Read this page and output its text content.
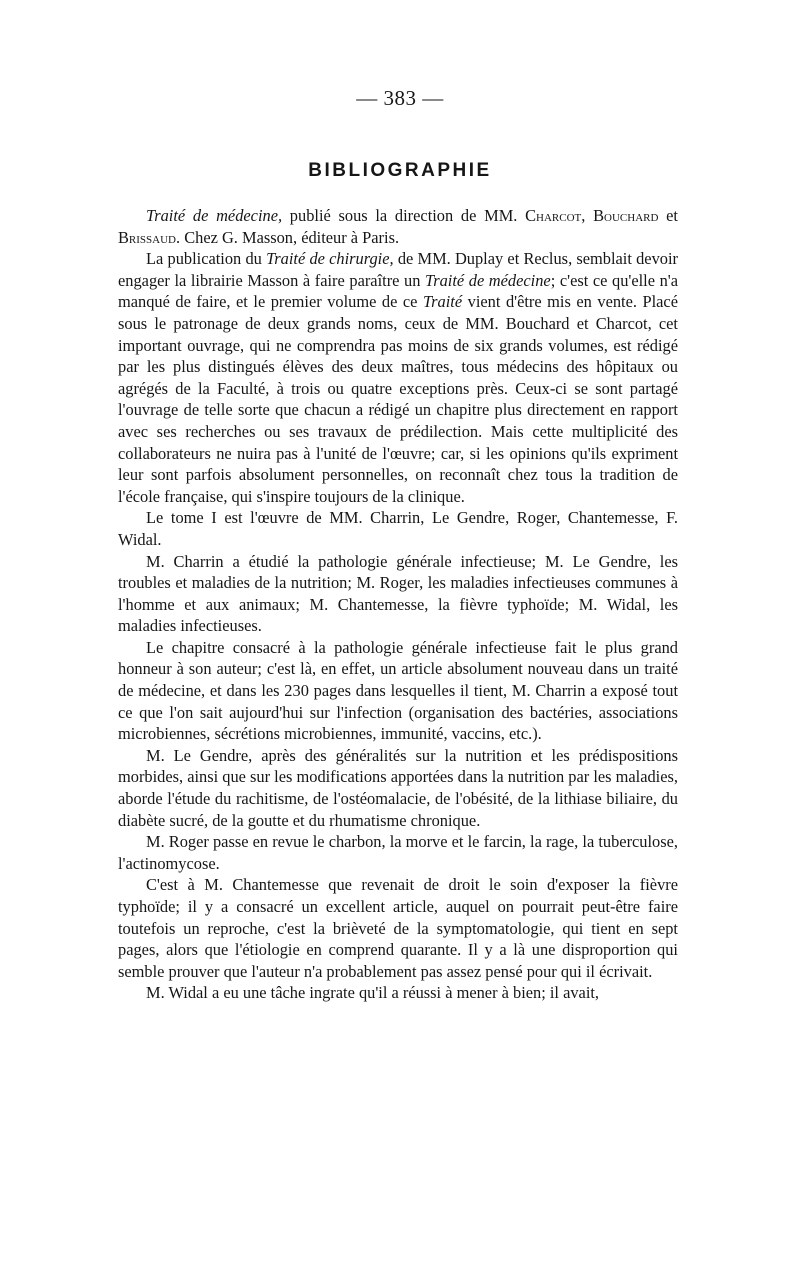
— 383 —
BIBLIOGRAPHIE

Traité de médecine, publié sous la direction de MM. Charcot, Bouchard et Brissaud. Chez G. Masson, éditeur à Paris.

La publication du Traité de chirurgie, de MM. Duplay et Reclus, semblait devoir engager la librairie Masson à faire paraître un Traité de médecine; c'est ce qu'elle n'a manqué de faire, et le premier volume de ce Traité vient d'être mis en vente. Placé sous le patronage de deux grands noms, ceux de MM. Bouchard et Charcot, cet important ouvrage, qui ne comprendra pas moins de six grands volumes, est rédigé par les plus distingués élèves des deux maîtres, tous médecins des hôpitaux ou agrégés de la Faculté, à trois ou quatre exceptions près. Ceux-ci se sont partagé l'ouvrage de telle sorte que chacun a rédigé un chapitre plus directement en rapport avec ses recherches ou ses travaux de prédilection. Mais cette multiplicité des collaborateurs ne nuira pas à l'unité de l'œuvre; car, si les opinions qu'ils expriment leur sont parfois absolument personnelles, on reconnaît chez tous la tradition de l'école française, qui s'inspire toujours de la clinique.

Le tome I est l'œuvre de MM. Charrin, Le Gendre, Roger, Chantemesse, F. Widal.

M. Charrin a étudié la pathologie générale infectieuse; M. Le Gendre, les troubles et maladies de la nutrition; M. Roger, les maladies infectieuses communes à l'homme et aux animaux; M. Chantemesse, la fièvre typhoïde; M. Widal, les maladies infectieuses.

Le chapitre consacré à la pathologie générale infectieuse fait le plus grand honneur à son auteur; c'est là, en effet, un article absolument nouveau dans un traité de médecine, et dans les 230 pages dans lesquelles il tient, M. Charrin a exposé tout ce que l'on sait aujourd'hui sur l'infection (organisation des bactéries, associations microbiennes, sécrétions microbiennes, immunité, vaccins, etc.).

M. Le Gendre, après des généralités sur la nutrition et les prédispositions morbides, ainsi que sur les modifications apportées dans la nutrition par les maladies, aborde l'étude du rachitisme, de l'ostéomalacie, de l'obésité, de la lithiase biliaire, du diabète sucré, de la goutte et du rhumatisme chronique.

M. Roger passe en revue le charbon, la morve et le farcin, la rage, la tuberculose, l'actinomycose.

C'est à M. Chantemesse que revenait de droit le soin d'exposer la fièvre typhoïde; il y a consacré un excellent article, auquel on pourrait peut-être faire toutefois un reproche, c'est la brièveté de la symptomatologie, qui tient en sept pages, alors que l'étiologie en comprend quarante. Il y a là une disproportion qui semble prouver que l'auteur n'a probablement pas assez pensé pour qui il écrivait.

M. Widal a eu une tâche ingrate qu'il a réussi à mener à bien; il avait,
